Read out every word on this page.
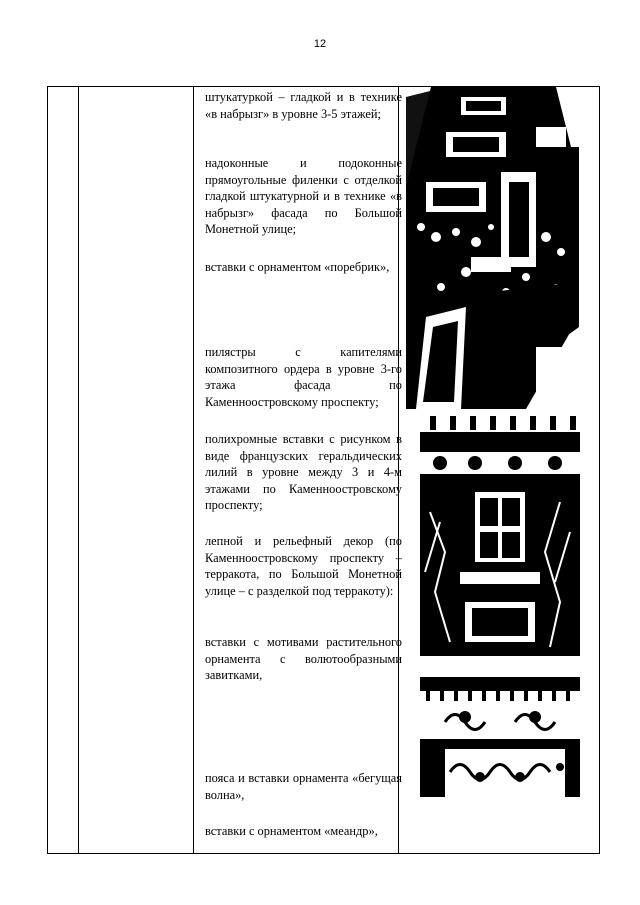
12

штукатуркой – гладкой и в технике «в набрызг» в уровне 3-5 этажей;

надоконные и подоконные прямоугольные филенки с отделкой гладкой штукатурной и в технике «в набрызг» фасада по Большой Монетной улице;

вставки с орнаментом «поребрик»,

пилястры с капителями композитного ордера в уровне 3-го этажа фасада по Каменноостровскому проспекту;

полихромные вставки с рисунком в виде французских геральдических лилий в уровне между 3 и 4-м этажами по Каменноостровскому проспекту;

лепной и рельефный декор (по Каменноостровскому проспекту – терракота, по Большой Монетной улице – с разделкой под терракоту):

вставки с мотивами растительного орнамента с волютообразными завитками,

пояса и вставки орнамента «бегущая волна»,

вставки с орнаментом «меандр»,
